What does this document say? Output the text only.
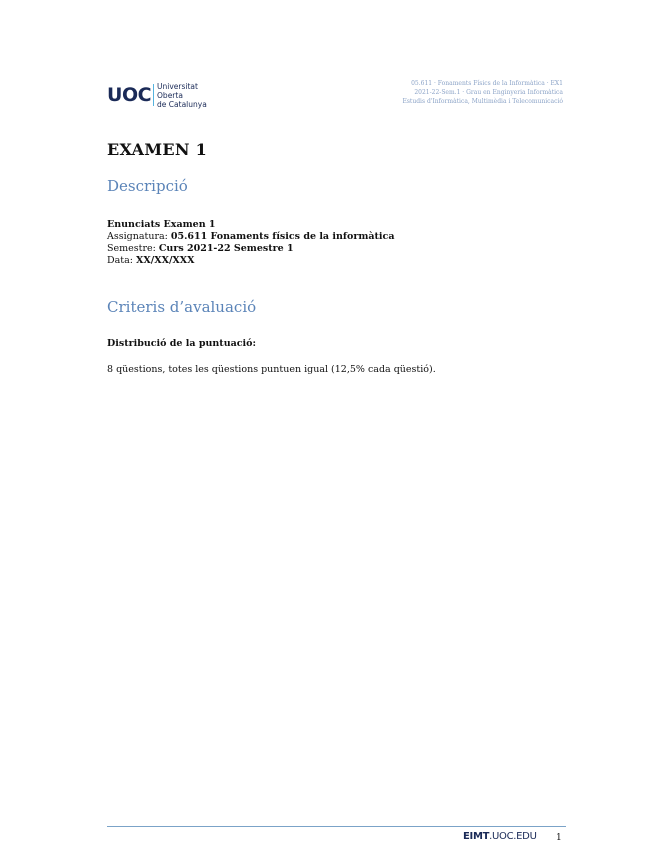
U OC Universitat Oberta
de Catalunya
05.611 · Fonaments Físics de la Informàtica · EX1
2021-22-Sem.1 · Grau en Enginyeria Informàtica
Estudis d'Informàtica, Multimèdia i Telecomunicació
EXAMEN 1
Descripció
Enunciats Examen 1
Assignatura: 05.611 Fonaments físics de la informàtica
Semestre: Curs 2021-22 Semestre 1
Data: XX/XX/XXX
Criteris d’avaluació
Distribució de la puntuació:

8 qüestions, totes les qüestions puntuen igual (12,5% cada qüestió).

EIMT.UOC.EDU 1
